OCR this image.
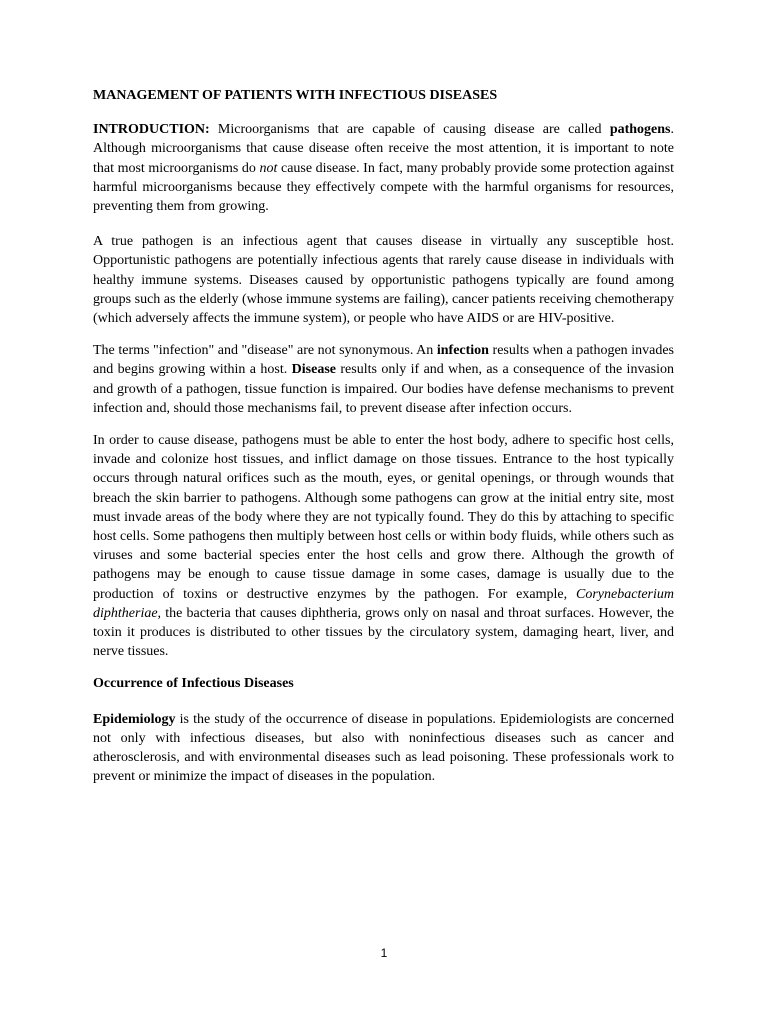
MANAGEMENT OF PATIENTS WITH INFECTIOUS DISEASES

INTRODUCTION: Microorganisms that are capable of causing disease are called pathogens. Although microorganisms that cause disease often receive the most attention, it is important to note that most microorganisms do not cause disease. In fact, many probably provide some protection against harmful microorganisms because they effectively compete with the harmful organisms for resources, preventing them from growing.

A true pathogen is an infectious agent that causes disease in virtually any susceptible host. Opportunistic pathogens are potentially infectious agents that rarely cause disease in individuals with healthy immune systems. Diseases caused by opportunistic pathogens typically are found among groups such as the elderly (whose immune systems are failing), cancer patients receiving chemotherapy (which adversely affects the immune system), or people who have AIDS or are HIV-positive.

The terms "infection" and "disease" are not synonymous. An infection results when a pathogen invades and begins growing within a host. Disease results only if and when, as a consequence of the invasion and growth of a pathogen, tissue function is impaired. Our bodies have defense mechanisms to prevent infection and, should those mechanisms fail, to prevent disease after infection occurs.

In order to cause disease, pathogens must be able to enter the host body, adhere to specific host cells, invade and colonize host tissues, and inflict damage on those tissues. Entrance to the host typically occurs through natural orifices such as the mouth, eyes, or genital openings, or through wounds that breach the skin barrier to pathogens. Although some pathogens can grow at the initial entry site, most must invade areas of the body where they are not typically found. They do this by attaching to specific host cells. Some pathogens then multiply between host cells or within body fluids, while others such as viruses and some bacterial species enter the host cells and grow there. Although the growth of pathogens may be enough to cause tissue damage in some cases, damage is usually due to the production of toxins or destructive enzymes by the pathogen. For example, Corynebacterium diphtheriae, the bacteria that causes diphtheria, grows only on nasal and throat surfaces. However, the toxin it produces is distributed to other tissues by the circulatory system, damaging heart, liver, and nerve tissues.

Occurrence of Infectious Diseases

Epidemiology is the study of the occurrence of disease in populations. Epidemiologists are concerned not only with infectious diseases, but also with noninfectious diseases such as cancer and atherosclerosis, and with environmental diseases such as lead poisoning. These professionals work to prevent or minimize the impact of diseases in the population.

1
